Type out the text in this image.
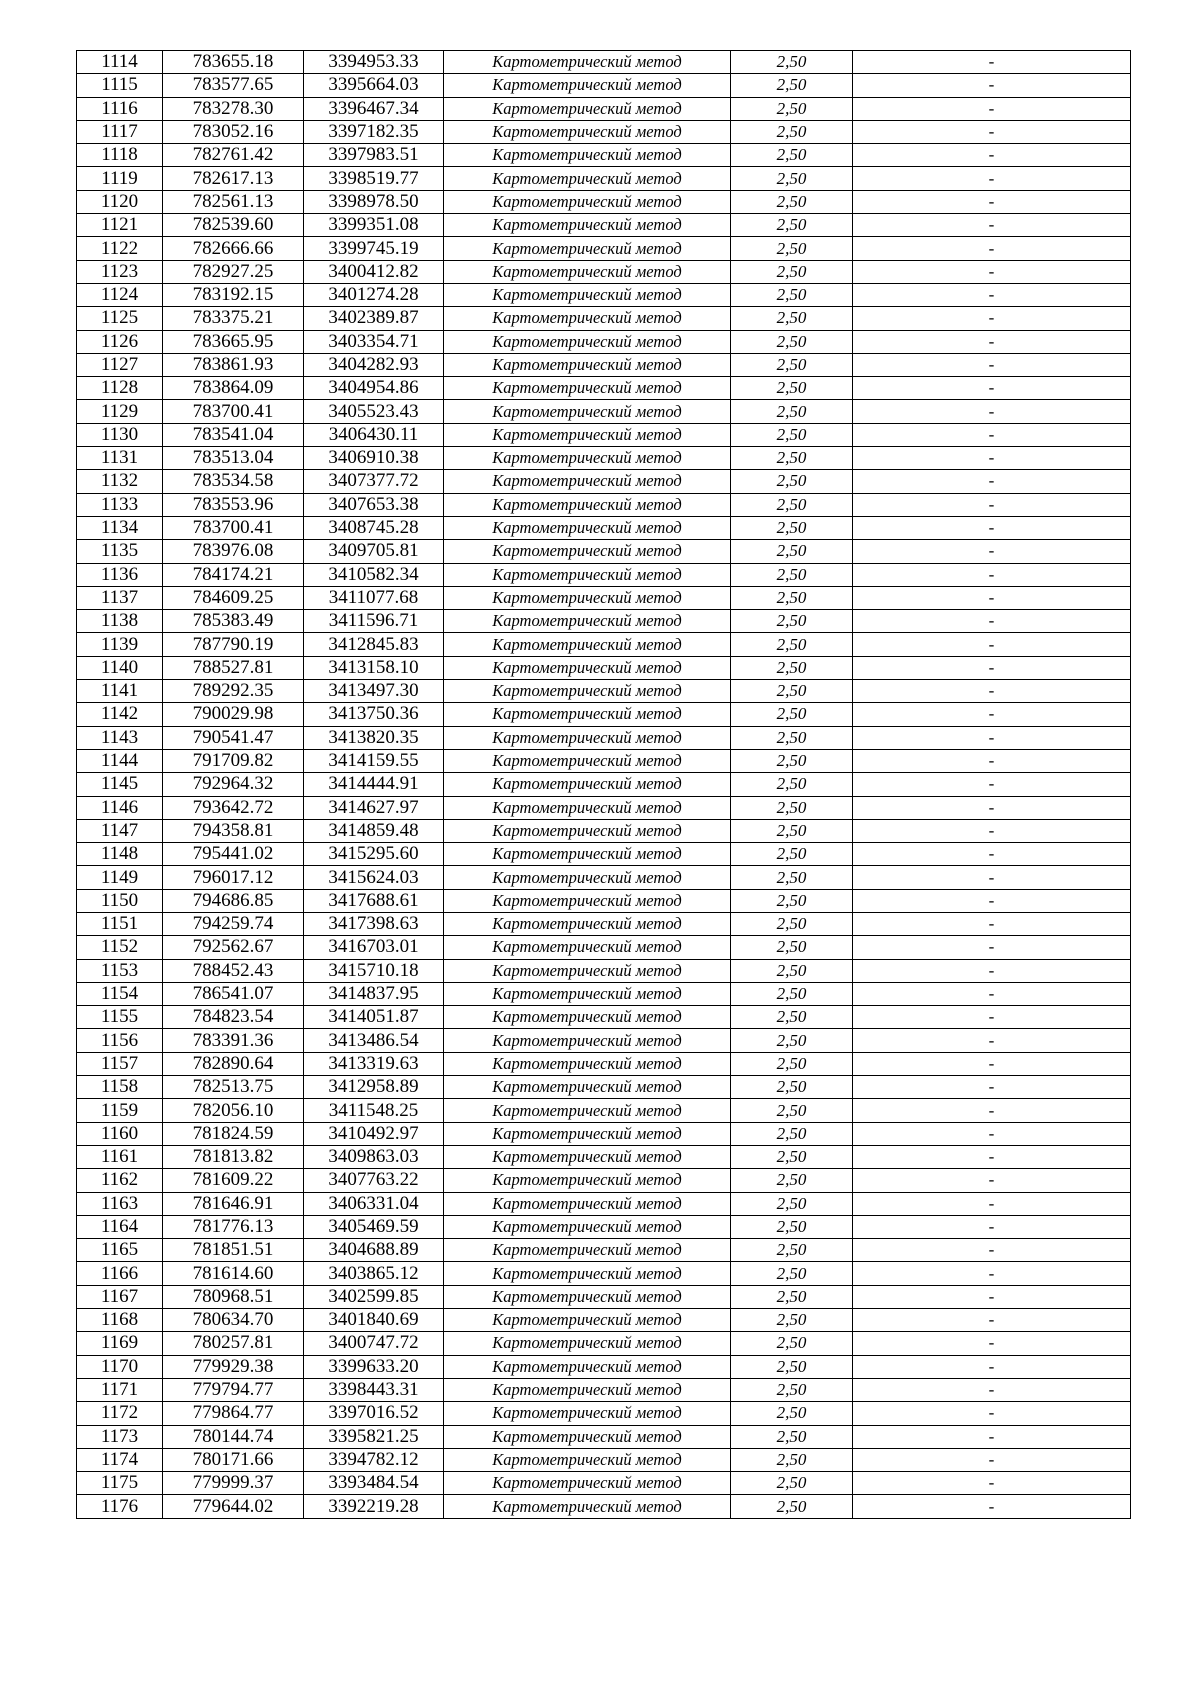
1114	783655.18	3394953.33	Картометрический метод	2,50	-
1115	783577.65	3395664.03	Картометрический метод	2,50	-
1116	783278.30	3396467.34	Картометрический метод	2,50	-
1117	783052.16	3397182.35	Картометрический метод	2,50	-
1118	782761.42	3397983.51	Картометрический метод	2,50	-
1119	782617.13	3398519.77	Картометрический метод	2,50	-
1120	782561.13	3398978.50	Картометрический метод	2,50	-
1121	782539.60	3399351.08	Картометрический метод	2,50	-
1122	782666.66	3399745.19	Картометрический метод	2,50	-
1123	782927.25	3400412.82	Картометрический метод	2,50	-
1124	783192.15	3401274.28	Картометрический метод	2,50	-
1125	783375.21	3402389.87	Картометрический метод	2,50	-
1126	783665.95	3403354.71	Картометрический метод	2,50	-
1127	783861.93	3404282.93	Картометрический метод	2,50	-
1128	783864.09	3404954.86	Картометрический метод	2,50	-
1129	783700.41	3405523.43	Картометрический метод	2,50	-
1130	783541.04	3406430.11	Картометрический метод	2,50	-
1131	783513.04	3406910.38	Картометрический метод	2,50	-
1132	783534.58	3407377.72	Картометрический метод	2,50	-
1133	783553.96	3407653.38	Картометрический метод	2,50	-
1134	783700.41	3408745.28	Картометрический метод	2,50	-
1135	783976.08	3409705.81	Картометрический метод	2,50	-
1136	784174.21	3410582.34	Картометрический метод	2,50	-
1137	784609.25	3411077.68	Картометрический метод	2,50	-
1138	785383.49	3411596.71	Картометрический метод	2,50	-
1139	787790.19	3412845.83	Картометрический метод	2,50	-
1140	788527.81	3413158.10	Картометрический метод	2,50	-
1141	789292.35	3413497.30	Картометрический метод	2,50	-
1142	790029.98	3413750.36	Картометрический метод	2,50	-
1143	790541.47	3413820.35	Картометрический метод	2,50	-
1144	791709.82	3414159.55	Картометрический метод	2,50	-
1145	792964.32	3414444.91	Картометрический метод	2,50	-
1146	793642.72	3414627.97	Картометрический метод	2,50	-
1147	794358.81	3414859.48	Картометрический метод	2,50	-
1148	795441.02	3415295.60	Картометрический метод	2,50	-
1149	796017.12	3415624.03	Картометрический метод	2,50	-
1150	794686.85	3417688.61	Картометрический метод	2,50	-
1151	794259.74	3417398.63	Картометрический метод	2,50	-
1152	792562.67	3416703.01	Картометрический метод	2,50	-
1153	788452.43	3415710.18	Картометрический метод	2,50	-
1154	786541.07	3414837.95	Картометрический метод	2,50	-
1155	784823.54	3414051.87	Картометрический метод	2,50	-
1156	783391.36	3413486.54	Картометрический метод	2,50	-
1157	782890.64	3413319.63	Картометрический метод	2,50	-
1158	782513.75	3412958.89	Картометрический метод	2,50	-
1159	782056.10	3411548.25	Картометрический метод	2,50	-
1160	781824.59	3410492.97	Картометрический метод	2,50	-
1161	781813.82	3409863.03	Картометрический метод	2,50	-
1162	781609.22	3407763.22	Картометрический метод	2,50	-
1163	781646.91	3406331.04	Картометрический метод	2,50	-
1164	781776.13	3405469.59	Картометрический метод	2,50	-
1165	781851.51	3404688.89	Картометрический метод	2,50	-
1166	781614.60	3403865.12	Картометрический метод	2,50	-
1167	780968.51	3402599.85	Картометрический метод	2,50	-
1168	780634.70	3401840.69	Картометрический метод	2,50	-
1169	780257.81	3400747.72	Картометрический метод	2,50	-
1170	779929.38	3399633.20	Картометрический метод	2,50	-
1171	779794.77	3398443.31	Картометрический метод	2,50	-
1172	779864.77	3397016.52	Картометрический метод	2,50	-
1173	780144.74	3395821.25	Картометрический метод	2,50	-
1174	780171.66	3394782.12	Картометрический метод	2,50	-
1175	779999.37	3393484.54	Картометрический метод	2,50	-
1176	779644.02	3392219.28	Картометрический метод	2,50	-
